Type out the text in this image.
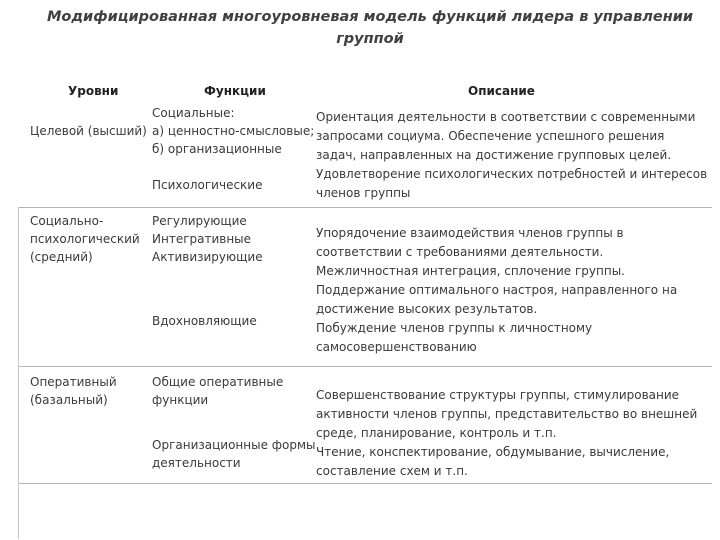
Модифицированная многоуровневая модель функций лидера в управлении
группой
Уровни	Функции	Описание
Целевой (высший)
Социальные:
а) ценностно-смысловые;
б) организационные
Психологические
Ориентация деятельности в соответствии с современными
запросами социума. Обеспечение успешного решения
задач, направленных на достижение групповых целей.
Удовлетворение психологических потребностей и интересов
членов группы
Социально-
психологический
(средний)
Регулирующие
Интегративные
Активизирующие
Вдохновляющие
Упорядочение взаимодействия членов группы в
соответствии с требованиями деятельности.
Межличностная интеграция, сплочение группы.
Поддержание оптимального настроя, направленного на
достижение высоких результатов.
Побуждение членов группы к личностному
самосовершенствованию
Оперативный
(базальный)
Общие оперативные
функции
Организационные формы
деятельности
Совершенствование структуры группы, стимулирование
активности членов группы, представительство во внешней
среде, планирование, контроль и т.п.
Чтение, конспектирование, обдумывание, вычисление,
составление схем и т.п.
